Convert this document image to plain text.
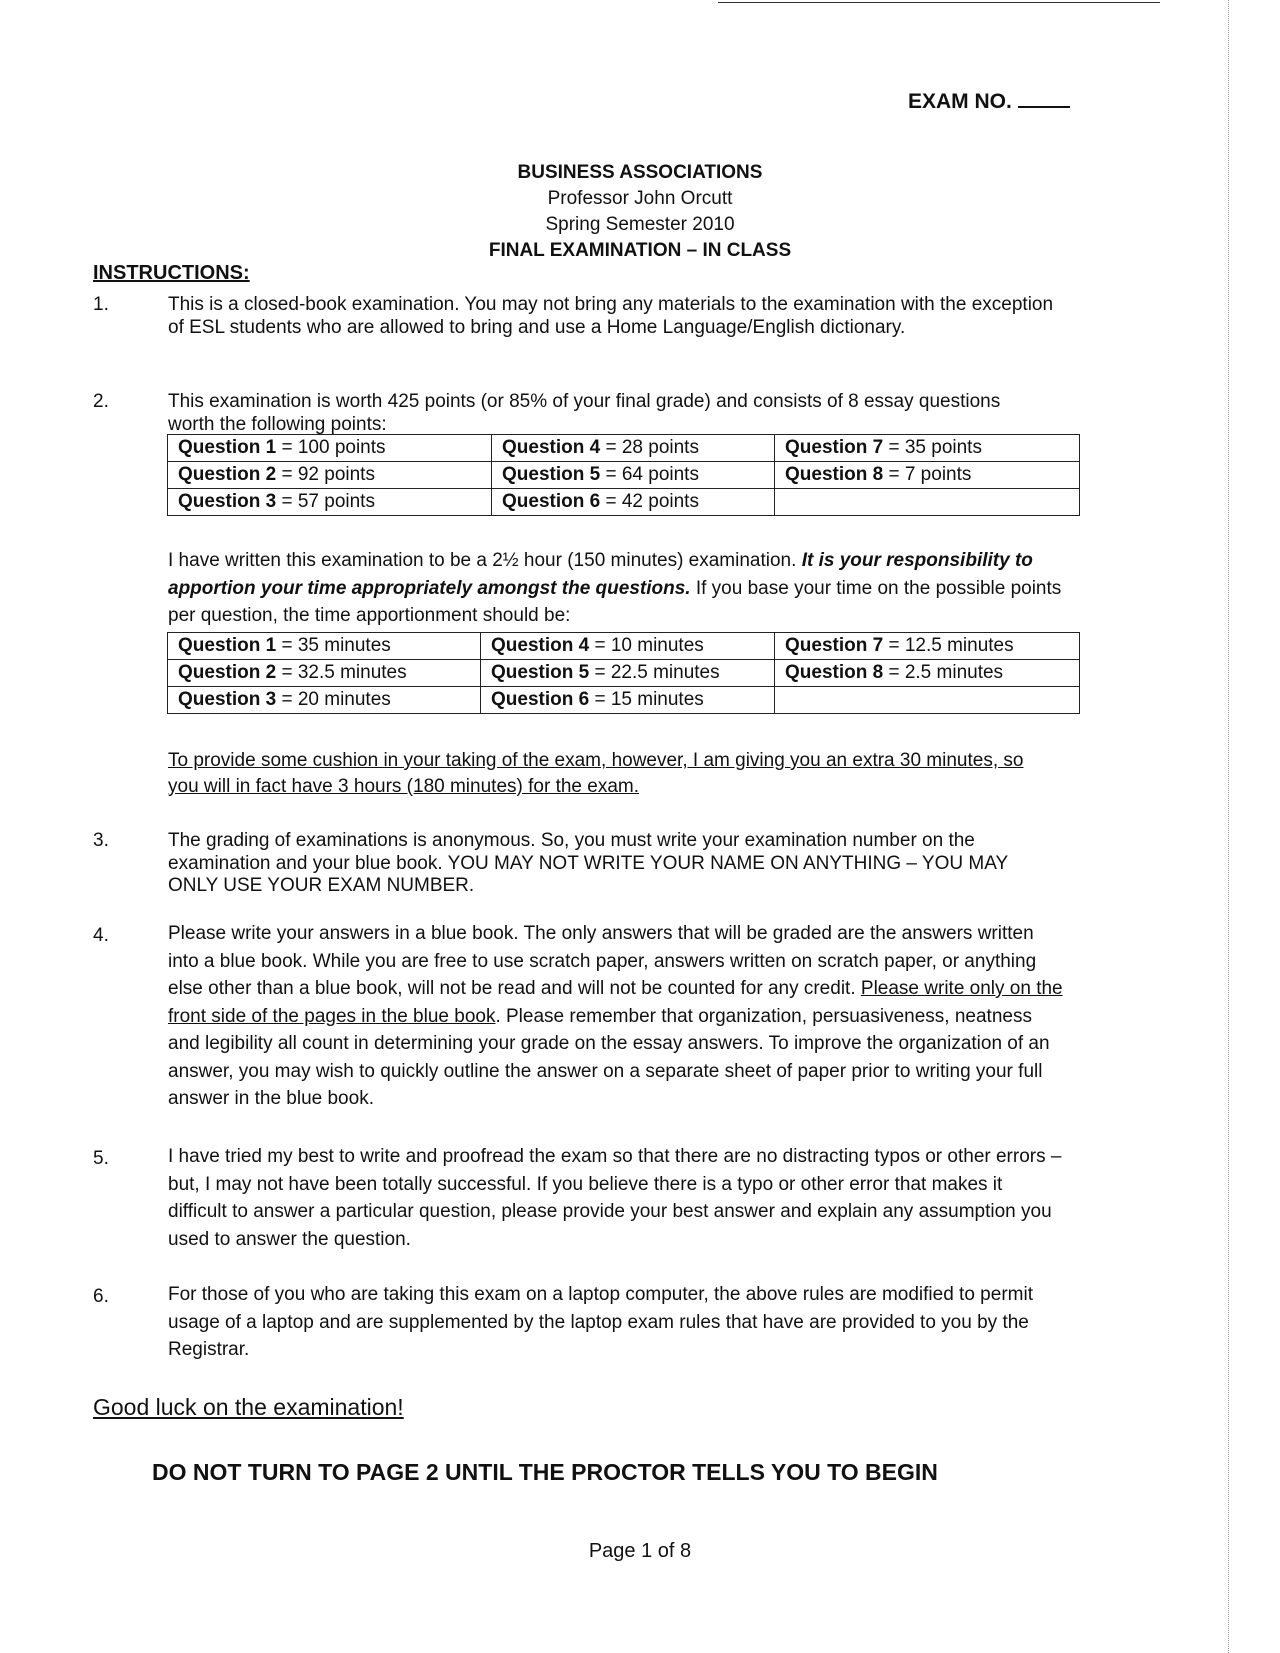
EXAM NO.
BUSINESS ASSOCIATIONS
Professor John Orcutt
Spring Semester 2010
FINAL EXAMINATION – IN CLASS
INSTRUCTIONS:
1.	This is a closed-book examination. You may not bring any materials to the examination with the exception of ESL students who are allowed to bring and use a Home Language/English dictionary.
2.	This examination is worth 425 points (or 85% of your final grade) and consists of 8 essay questions worth the following points:
Question 1 = 100 points	Question 4 = 28 points	Question 7 = 35 points
Question 2 = 92 points	Question 5 = 64 points	Question 8 = 7 points
Question 3 = 57 points	Question 6 = 42 points	
I have written this examination to be a 2½ hour (150 minutes) examination. It is your responsibility to apportion your time appropriately amongst the questions. If you base your time on the possible points per question, the time apportionment should be:
Question 1 = 35 minutes	Question 4 = 10 minutes	Question 7 = 12.5 minutes
Question 2 = 32.5 minutes	Question 5 = 22.5 minutes	Question 8 = 2.5 minutes
Question 3 = 20 minutes	Question 6 = 15 minutes	
To provide some cushion in your taking of the exam, however, I am giving you an extra 30 minutes, so you will in fact have 3 hours (180 minutes) for the exam.
3.	The grading of examinations is anonymous. So, you must write your examination number on the examination and your blue book. YOU MAY NOT WRITE YOUR NAME ON ANYTHING – YOU MAY ONLY USE YOUR EXAM NUMBER.
4.	Please write your answers in a blue book. The only answers that will be graded are the answers written into a blue book. While you are free to use scratch paper, answers written on scratch paper, or anything else other than a blue book, will not be read and will not be counted for any credit. Please write only on the front side of the pages in the blue book. Please remember that organization, persuasiveness, neatness and legibility all count in determining your grade on the essay answers. To improve the organization of an answer, you may wish to quickly outline the answer on a separate sheet of paper prior to writing your full answer in the blue book.
5.	I have tried my best to write and proofread the exam so that there are no distracting typos or other errors – but, I may not have been totally successful. If you believe there is a typo or other error that makes it difficult to answer a particular question, please provide your best answer and explain any assumption you used to answer the question.
6.	For those of you who are taking this exam on a laptop computer, the above rules are modified to permit usage of a laptop and are supplemented by the laptop exam rules that have are provided to you by the Registrar.
Good luck on the examination!
DO NOT TURN TO PAGE 2 UNTIL THE PROCTOR TELLS YOU TO BEGIN
Page 1 of 8
